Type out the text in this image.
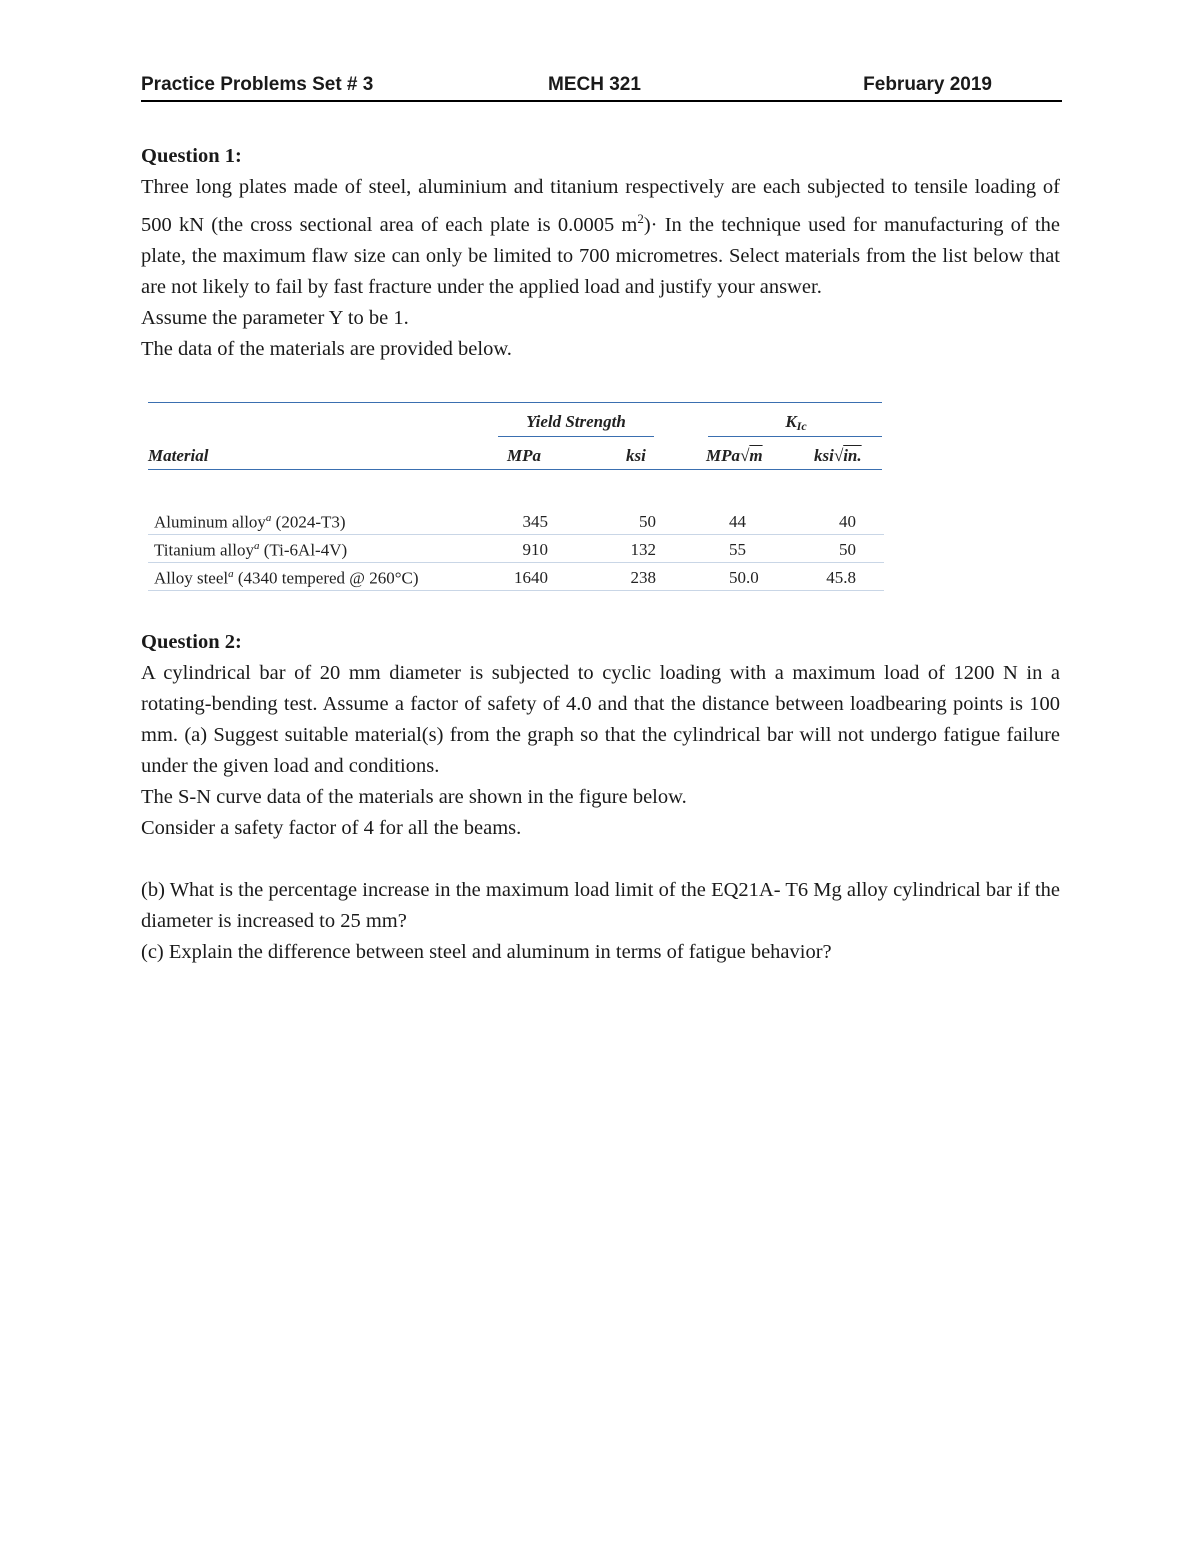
Practice Problems Set # 3	MECH 321	February 2019

Question 1:

Three long plates made of steel, aluminium and titanium respectively are each subjected to tensile loading of 500 kN (the cross sectional area of each plate is 0.0005 $m^2)\cdot In$ the technique used for manufacturing of the plate, the maximum flaw size can only be limited to 700 micrometres. Select materials from the list below that are not likely to fail by fast fracture under the applied load and justify your answer.

Assume the parameter Y to be 1.

The data of the materials are provided below.

Yield Strength	KIc
Material	MPa	ksi	MPa√m	ksi√in.
Aluminum alloy$^a$ (2024-T3)	345	50	44	40
Titanium alloy$^a$ (Ti-6Al-4V)	910	132	55	50
Alloy steel$^a$ (4340 tempered @ 260°C)	1640	238	50.0	45.8

Question 2:

A cylindrical bar of 20 mm diameter is subjected to cyclic loading with a maximum load of 1200 N in a rotating-bending test. Assume a factor of safety of 4.0 and that the distance between loadbearing points is 100 mm. (a) Suggest suitable material(s) from the graph so that the cylindrical bar will not undergo fatigue failure under the given load and conditions.

The S-N curve data of the materials are shown in the figure below.

Consider a safety factor of 4 for all the beams.

(b) What is the percentage increase in the maximum load limit of the EQ21A- T6 Mg alloy cylindrical bar if the diameter is increased to 25 mm?

(c) Explain the difference between steel and aluminum in terms of fatigue behavior?
